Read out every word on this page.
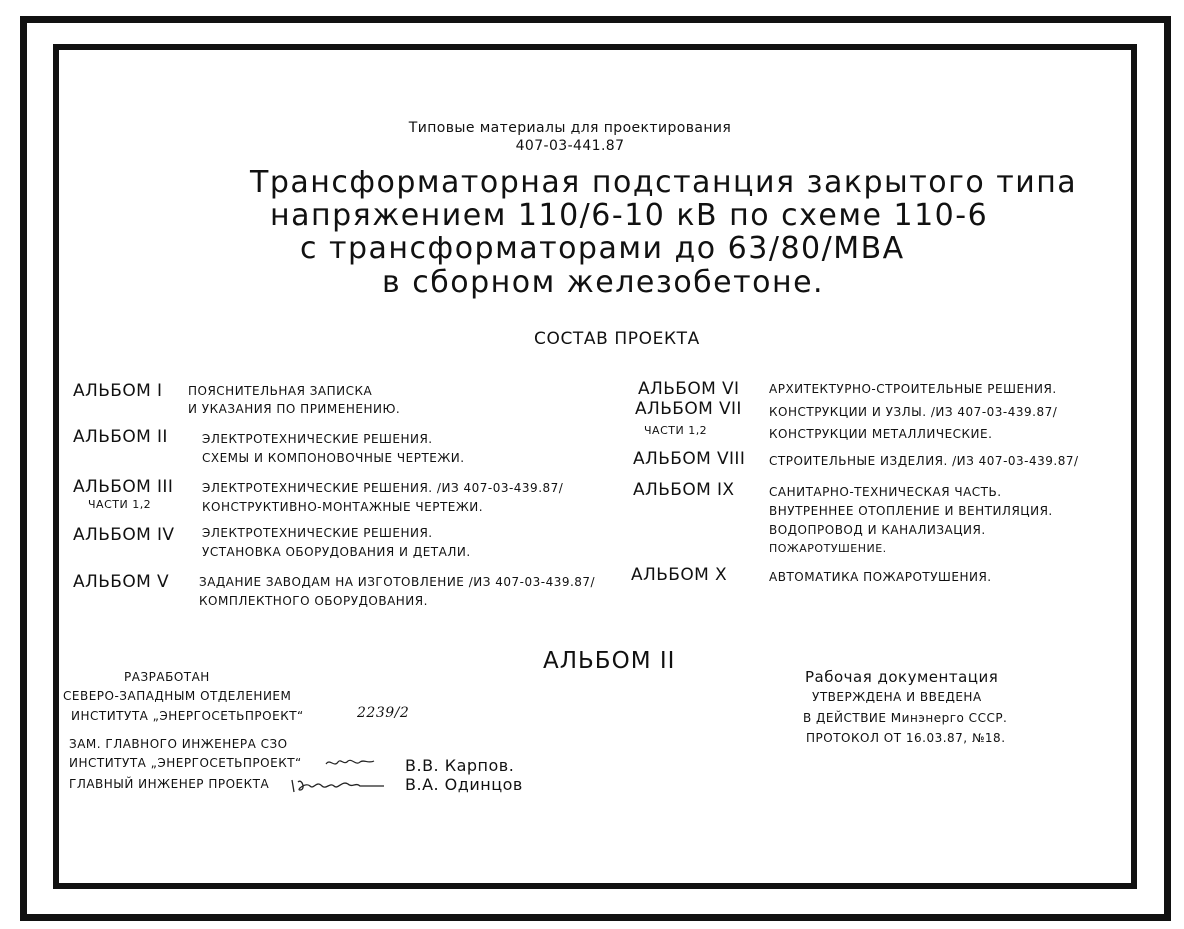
Типовые материалы для проектирования
407-03-441.87
Трансформаторная подстанция закрытого типа
напряжением 110/6-10 кВ по схеме 110-6
с трансформаторами до 63/80/МВА
в сборном железобетоне.
СОСТАВ ПРОЕКТА
АЛЬБОМ I ПОЯСНИТЕЛЬНАЯ ЗАПИСКА
И УКАЗАНИЯ ПО ПРИМЕНЕНИЮ.
АЛЬБОМ II	ЭЛЕКТРОТЕХНИЧЕСКИЕ РЕШЕНИЯ.
СХЕМЫ И КОМПОНОВОЧНЫЕ ЧЕРТЕЖИ.
АЛЬБОМ III
ЧАСТИ 1,2
ЭЛЕКТРОТЕХНИЧЕСКИЕ РЕШЕНИЯ. /ИЗ 407-03-439.87/
КОНСТРУКТИВНО-МОНТАЖНЫЕ ЧЕРТЕЖИ.
АЛЬБОМ IV ЭЛЕКТРОТЕХНИЧЕСКИЕ РЕШЕНИЯ.
УСТАНОВКА ОБОРУДОВАНИЯ И ДЕТАЛИ.
АЛЬБОМ V ЗАДАНИЕ ЗАВОДАМ НА ИЗГОТОВЛЕНИЕ /ИЗ 407-03-439.87/
КОМПЛЕКТНОГО ОБОРУДОВАНИЯ.
АЛЬБОМ VI АРХИТЕКТУРНО-СТРОИТЕЛЬНЫЕ РЕШЕНИЯ.
АЛЬБОМ VII
ЧАСТИ 1,2
КОНСТРУКЦИИ И УЗЛЫ. /ИЗ 407-03-439.87/
КОНСТРУКЦИИ МЕТАЛЛИЧЕСКИЕ.
АЛЬБОМ VIII СТРОИТЕЛЬНЫЕ ИЗДЕЛИЯ. /ИЗ 407-03-439.87/
АЛЬБОМ IX	САНИТАРНО-ТЕХНИЧЕСКАЯ ЧАСТЬ.
ВНУТРЕННЕЕ ОТОПЛЕНИЕ И ВЕНТИЛЯЦИЯ.
ВОДОПРОВОД И КАНАЛИЗАЦИЯ.
ПОЖАРОТУШЕНИЕ.
АЛЬБОМ X	АВТОМАТИКА ПОЖАРОТУШЕНИЯ.
АЛЬБОМ II
РАЗРАБОТАН
СЕВЕРО-ЗАПАДНЫМ ОТДЕЛЕНИЕМ
ИНСТИТУТА „ЭНЕРГОСЕТЬПРОЕКТ“	2239/2
ЗАМ. ГЛАВНОГО ИНЖЕНЕРА СЗО
ИНСТИТУТА „ЭНЕРГОСЕТЬПРОЕКТ“
ГЛАВНЫЙ ИНЖЕНЕР ПРОЕКТА
В.В. Карпов.
В.А. Одинцов
Рабочая документация
УТВЕРЖДЕНА И ВВЕДЕНА
В ДЕЙСТВИЕ Минэнерго СССР.
ПРОТОКОЛ ОТ 16.03.87, №18.
